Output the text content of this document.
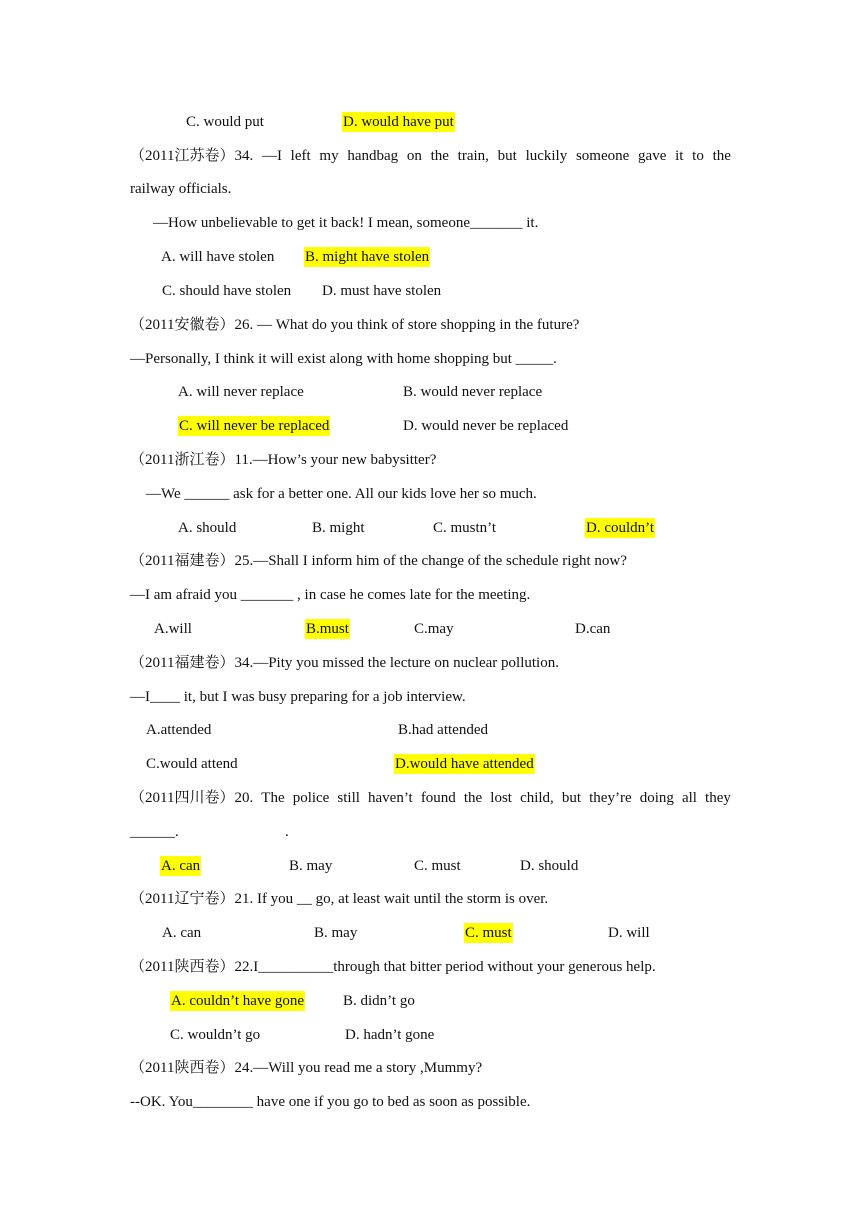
C. would put	D. would have put
（2011江苏卷）34. —I left my handbag on the train, but luckily someone gave it to the
railway officials.
—How unbelievable to get it back! I mean, someone_______ it.
A. will have stolen B. might have stolen
C. should have stolen D. must have stolen
（2011安徽卷）26. — What do you think of store shopping in the future?
—Personally, I think it will exist along with home shopping but _____.
A. will never replace	B. would never replace
C. will never be replaced	D. would never be replaced
（2011浙江卷）11.—How’s your new babysitter?
—We ______ ask for a better one. All our kids love her so much.
A. should	B. might	C. mustn’t	D. couldn’t
（2011福建卷）25.—Shall I inform him of the change of the schedule right now?
—I am afraid you _______ , in case he comes late for the meeting.
A.will	B.must	C.may	D.can
（2011福建卷）34.—Pity you missed the lecture on nuclear pollution.
—I____ it, but I was busy preparing for a job interview.
A.attended	B.had attended
C.would attend	D.would have attended
（2011四川卷）20. The police still haven’t found the lost child, but they’re doing all they
______.	.
A. can	B. may	C. must	D. should
（2011辽宁卷）21. If you __ go, at least wait until the storm is over.
A. can	B. may	C. must	D. will
（2011陕西卷）22.I__________through that bitter period without your generous help.
A. couldn’t have gone	B. didn’t go
C. wouldn’t go	D. hadn’t gone
（2011陕西卷）24.—Will you read me a story ,Mummy?
--OK. You________ have one if you go to bed as soon as possible.
